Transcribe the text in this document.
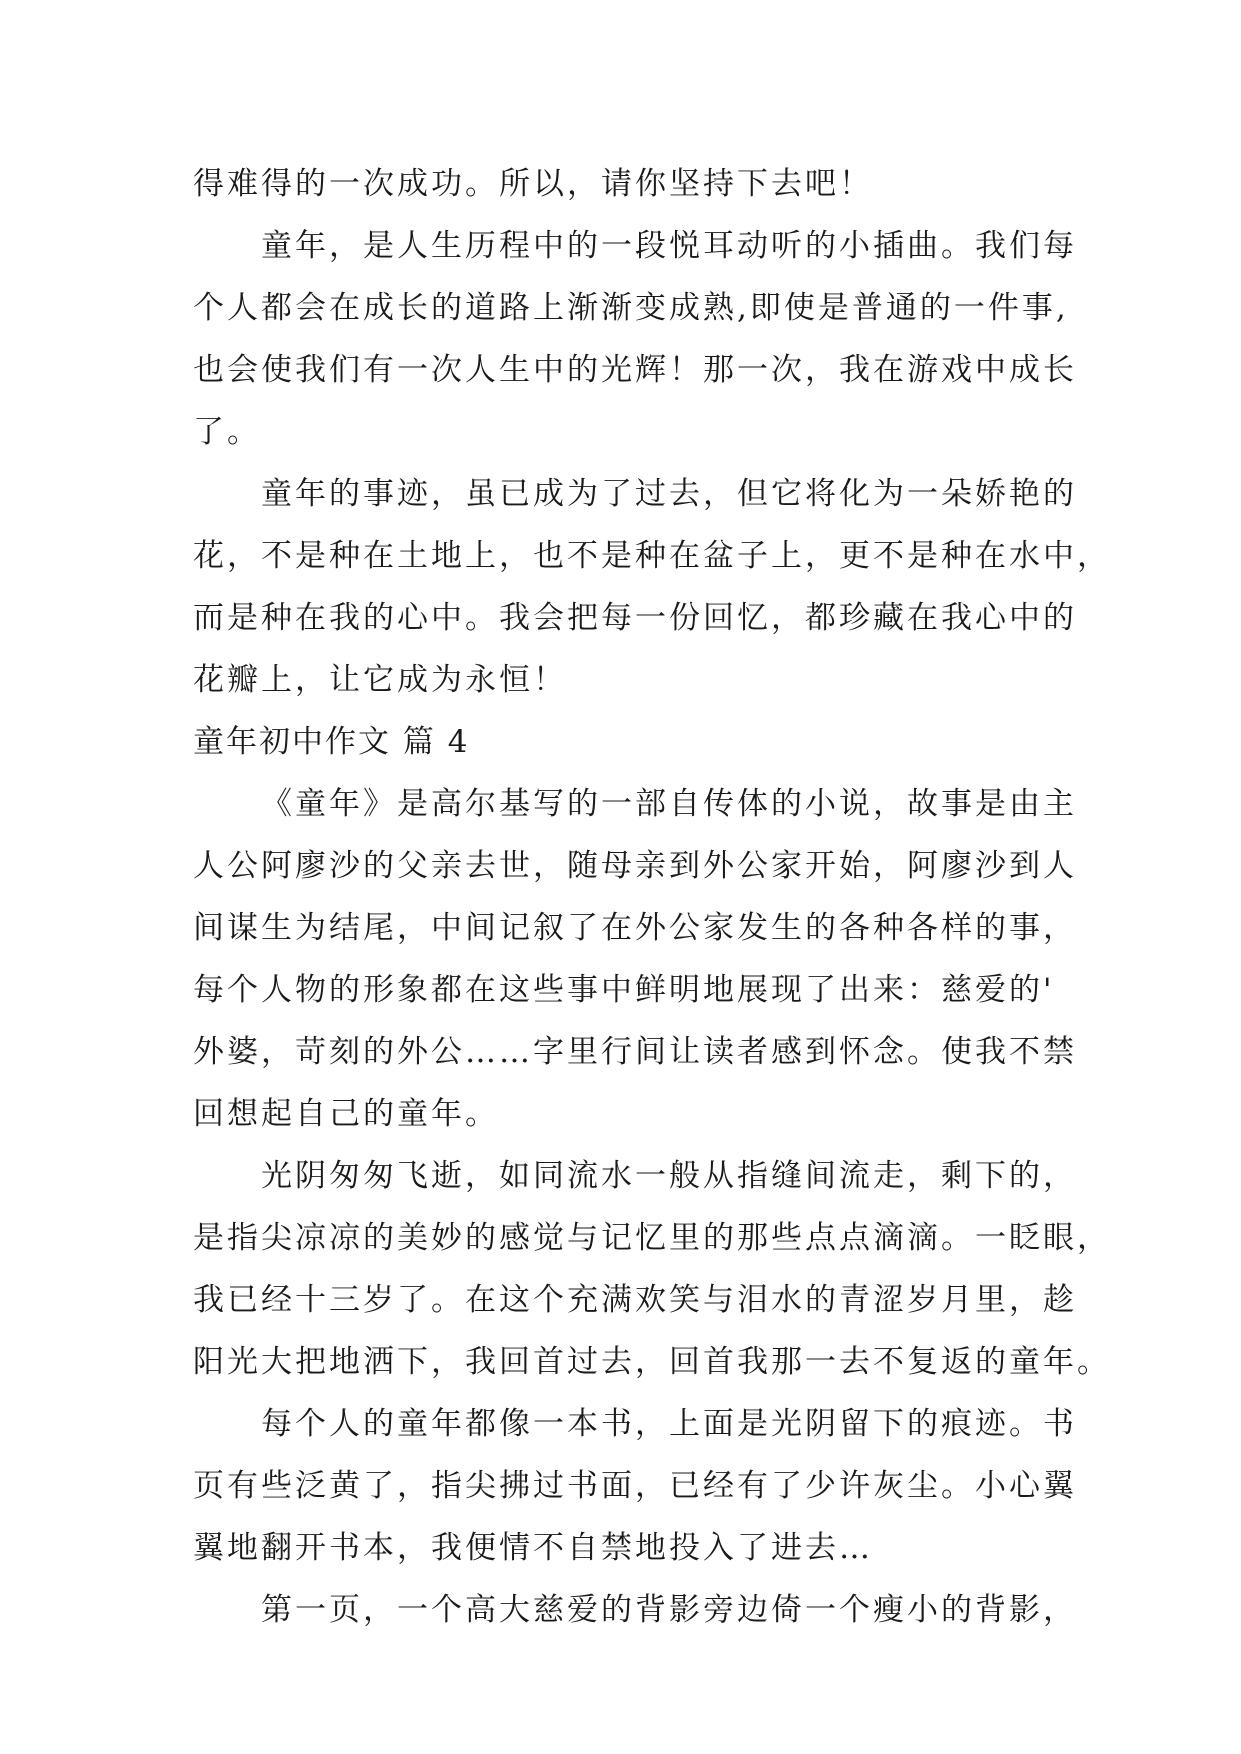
得难得的一次成功。所以，请你坚持下去吧！
童年，是人生历程中的一段悦耳动听的小插曲。我们每
个人都会在成长的道路上渐渐变成熟,即使是普通的一件事,
也会使我们有一次人生中的光辉！那一次，我在游戏中成长
了。
童年的事迹，虽已成为了过去，但它将化为一朵娇艳的
花，不是种在土地上，也不是种在盆子上，更不是种在水中，
而是种在我的心中。我会把每一份回忆，都珍藏在我心中的
花瓣上，让它成为永恒！
童年初中作文 篇 4
《童年》是高尔基写的一部自传体的小说，故事是由主
人公阿廖沙的父亲去世，随母亲到外公家开始，阿廖沙到人
间谋生为结尾，中间记叙了在外公家发生的各种各样的事，
每个人物的形象都在这些事中鲜明地展现了出来：慈爱的'
外婆，苛刻的外公……字里行间让读者感到怀念。使我不禁
回想起自己的童年。
光阴匆匆飞逝，如同流水一般从指缝间流走，剩下的，
是指尖凉凉的美妙的感觉与记忆里的那些点点滴滴。一眨眼，
我已经十三岁了。在这个充满欢笑与泪水的青涩岁月里，趁
阳光大把地洒下，我回首过去，回首我那一去不复返的童年。
每个人的童年都像一本书，上面是光阴留下的痕迹。书
页有些泛黄了，指尖拂过书面，已经有了少许灰尘。小心翼
翼地翻开书本，我便情不自禁地投入了进去…
第一页，一个高大慈爱的背影旁边倚一个瘦小的背影，
